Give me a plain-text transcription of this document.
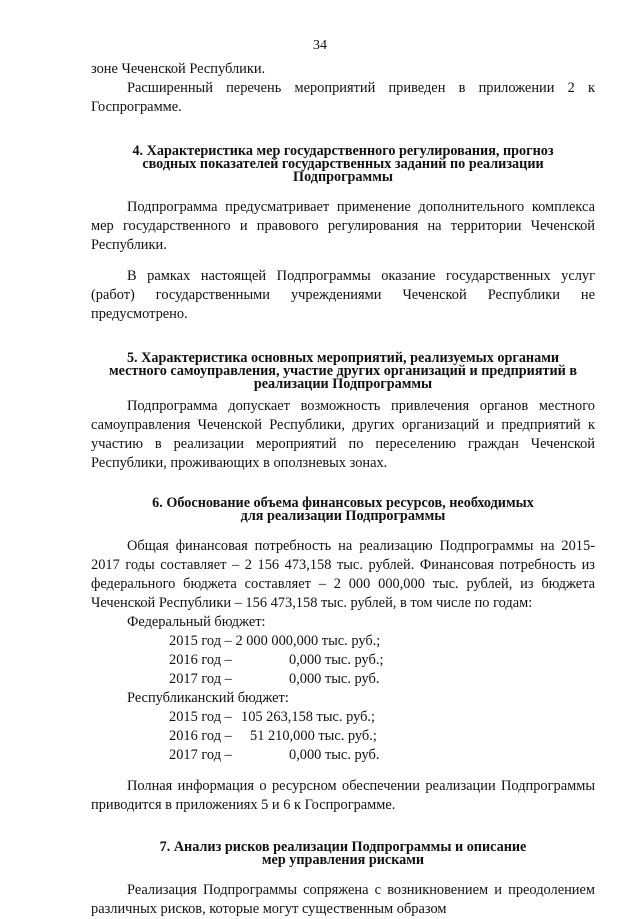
34

зоне Чеченской Республики.

Расширенный перечень мероприятий приведен в приложении 2 к Госпрограмме.

4. Характеристика мер государственного регулирования, прогноз
сводных показателей государственных заданий по реализации
Подпрограммы

Подпрограмма предусматривает применение дополнительного комплекса мер государственного и правового регулирования на территории Чеченской Республики.

В рамках настоящей Подпрограммы оказание государственных услуг (работ) государственными учреждениями Чеченской Республики не предусмотрено.

5. Характеристика основных мероприятий, реализуемых органами
местного самоуправления, участие других организаций и предприятий в
реализации Подпрограммы

Подпрограмма допускает возможность привлечения органов местного самоуправления Чеченской Республики, других организаций и предприятий к участию в реализации мероприятий по переселению граждан Чеченской Республики, проживающих в оползневых зонах.

6. Обоснование объема финансовых ресурсов, необходимых
для реализации Подпрограммы

Общая финансовая потребность на реализацию Подпрограммы на 2015-2017 годы составляет – 2 156 473,158 тыс. рублей. Финансовая потребность из федерального бюджета составляет – 2 000 000,000 тыс. рублей, из бюджета Чеченской Республики – 156 473,158 тыс. рублей, в том числе по годам:

Федеральный бюджет:

2015 год – 2 000 000,000 тыс. руб.;
2016 год –	0,000 тыс. руб.;
2017 год –	0,000 тыс. руб.

Республиканский бюджет:

2015 год – 105 263,158 тыс. руб.;
2016 год – 51 210,000 тыс. руб.;
2017 год –	0,000 тыс. руб.

Полная информация о ресурсном обеспечении реализации Подпрограммы приводится в приложениях 5 и 6 к Госпрограмме.

7. Анализ рисков реализации Подпрограммы и описание
мер управления рисками

Реализация Подпрограммы сопряжена с возникновением и преодолением различных рисков, которые могут существенным образом
